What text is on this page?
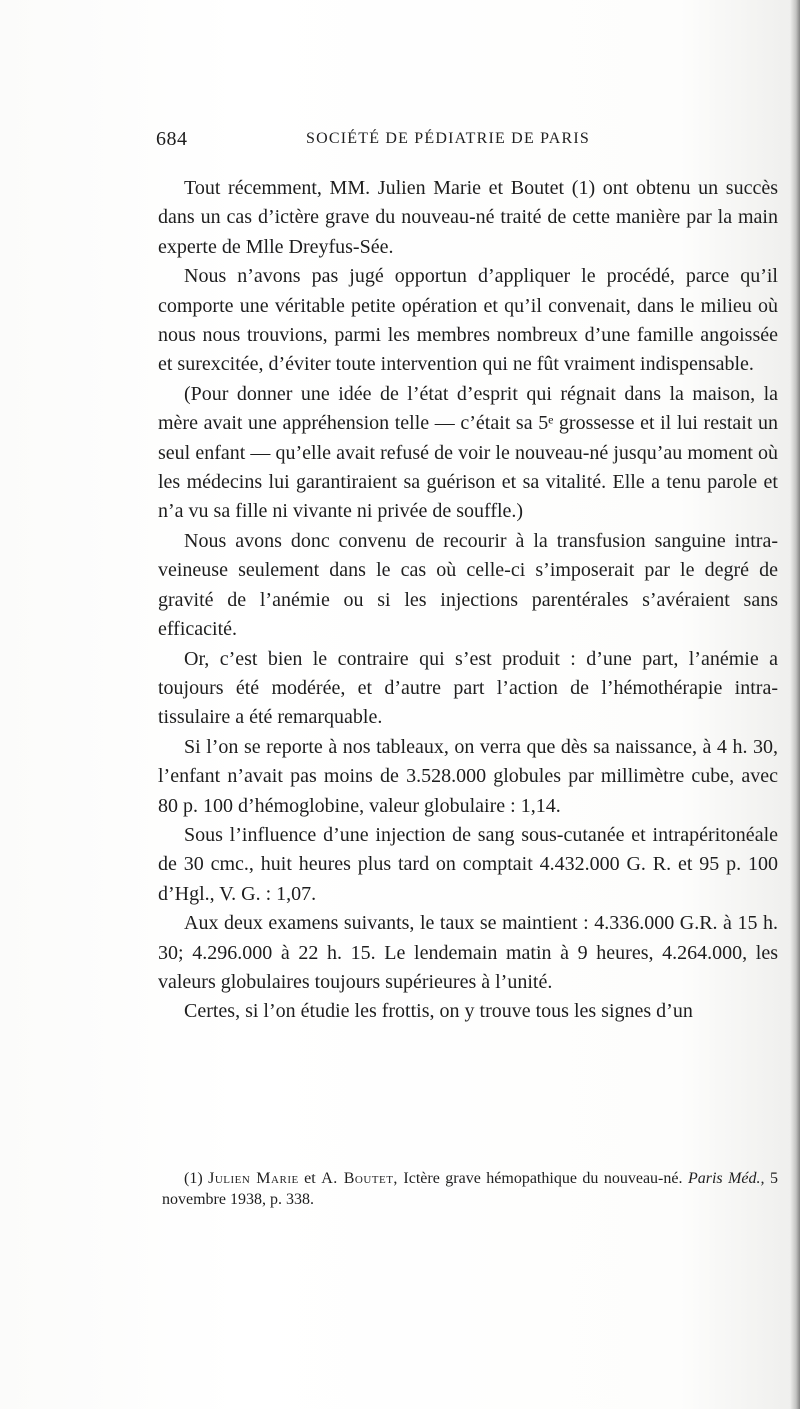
684	SOCIÉTÉ DE PÉDIATRIE DE PARIS

Tout récemment, MM. Julien Marie et Boutet (1) ont obtenu un succès dans un cas d’ictère grave du nouveau-né traité de cette manière par la main experte de Mlle Dreyfus-Sée.

Nous n’avons pas jugé opportun d’appliquer le procédé, parce qu’il comporte une véritable petite opération et qu’il convenait, dans le milieu où nous nous trouvions, parmi les membres nombreux d’une famille angoissée et surexcitée, d’éviter toute intervention qui ne fût vraiment indispensable.

(Pour donner une idée de l’état d’esprit qui régnait dans la maison, la mère avait une appréhension telle — c’était sa 5ᵉ grossesse et il lui restait un seul enfant — qu’elle avait refusé de voir le nouveau-né jusqu’au moment où les médecins lui garantiraient sa guérison et sa vitalité. Elle a tenu parole et n’a vu sa fille ni vivante ni privée de souffle.)

Nous avons donc convenu de recourir à la transfusion sanguine intra-veineuse seulement dans le cas où celle-ci s’imposerait par le degré de gravité de l’anémie ou si les injections parentérales s’avéraient sans efficacité.

Or, c’est bien le contraire qui s’est produit : d’une part, l’anémie a toujours été modérée, et d’autre part l’action de l’hémothérapie intra-tissulaire a été remarquable.

Si l’on se reporte à nos tableaux, on verra que dès sa naissance, à 4 h. 30, l’enfant n’avait pas moins de 3.528.000 globules par millimètre cube, avec 80 p. 100 d’hémoglobine, valeur globulaire : 1,14.

Sous l’influence d’une injection de sang sous-cutanée et intrapéritonéale de 30 cmc., huit heures plus tard on comptait 4.432.000 G. R. et 95 p. 100 d’Hgl., V. G. : 1,07.

Aux deux examens suivants, le taux se maintient : 4.336.000 G.R. à 15 h. 30; 4.296.000 à 22 h. 15. Le lendemain matin à 9 heures, 4.264.000, les valeurs globulaires toujours supérieures à l’unité.

Certes, si l’on étudie les frottis, on y trouve tous les signes d’un

(1) Julien Marie et A. Boutet, Ictère grave hémopathique du nouveau-né. Paris Méd., 5 novembre 1938, p. 338.
